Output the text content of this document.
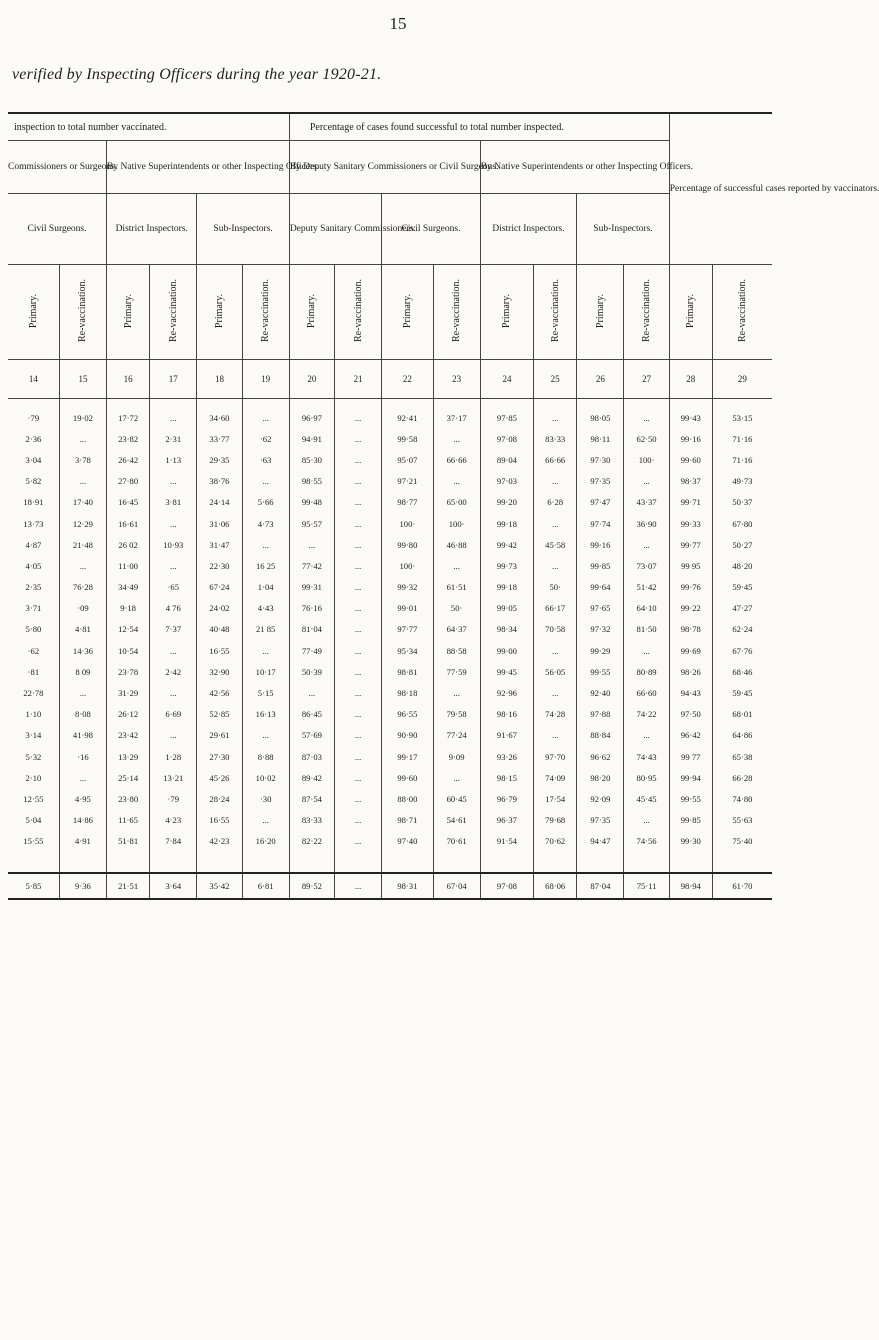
15
verified by Inspecting Officers during the year 1920-21.
inspection to total number vaccinated.						Percentage of cases found successful to total number inspected.								Percentage of successful cases reported by vaccinators.	
Commissioners or Surgeons.		By Native Superintendents or other Inspecting Officers.				By Deputy Sanitary Commissioners or Civil Surgeons.				By Native Superintendents or other Inspecting Officers.					
Civil Surgeons.		District Inspectors.		Sub-Inspectors.		Deputy Sanitary Commissioners.		Civil Surgeons.		District Inspectors.		Sub-Inspectors.			
Primary.	Re-vaccination.	Primary.	Re-vaccination.	Primary.	Re-vaccination.	Primary.	Re-vaccination.	Primary.	Re-vaccination.	Primary.	Re-vaccination.	Primary.	Re-vaccination.	Primary.	Re-vaccination.
14	15	16	17	18	19	20	21	22	23	24	25	26	27	28	29

·79	19·02	17·72	...	34·60	...	96·97	...	92·41	37·17	97·85	...	98·05	...	99·43	53·15
2·36	...	23·82	2·31	33·77	·62	94·91	...	99·58	...	97·08	83·33	98·11	62·50	99·16	71·16
3·04	3·78	26·42	1·13	29·35	·63	85·30	...	95·07	66·66	89·04	66·66	97·30	100·	99·60	71·16
5·82	...	27·80	...	38·76	...	98·55	...	97·21	...	97·03	...	97·35	...	98·37	49·73
18·91	17·40	16·45	3·81	24·14	5·66	99·48	...	98·77	65·00	99·20	6·28	97·47	43·37	99·71	50·37
13·73	12·29	16·61	...	31·06	4·73	95·57	...	100·	100·	99·18	...	97·74	36·90	99·33	67·80
4·87	21·48	26 02	10·93	31·47	...	...	...	99·80	46·88	99·42	45·58	99·16	...	99·77	50·27
4·05	...	11·00	...	22·30	16 25	77·42	...	100·	...	99·73	...	99·85	73·07	99 95	48·20
2·35	76·28	34·49	·65	67·24	1·04	99·31	...	99·32	61·51	99·18	50·	99·64	51·42	99·76	59·45
3·71	·09	9·18	4 76	24·02	4·43	76·16	...	99·01	50·	99·05	66·17	97·65	64·10	99·22	47·27
5·80	4·81	12·54	7·37	40·48	21 85	81·04	...	97·77	64·37	98·34	70·58	97·32	81·50	98·78	62·24
·62	14·36	10·54	...	16·55	...	77·49	...	95·34	88·58	99·00	...	99·29	...	99·69	67·76
·81	8 09	23·78	2·42	32·90	10·17	50·39	...	98·81	77·59	99·45	56·05	99·55	80·89	98·26	68·46
22·78	...	31·29	...	42·56	5·15	...	...	98·18	...	92·96	...	92·40	66·60	94·43	59·45
1·10	8·08	26·12	6·69	52·85	16·13	86·45	...	96·55	79·58	98·16	74·28	97·88	74·22	97·50	68·01
3·14	41·98	23·42	...	29·61	...	57·69	...	90·90	77·24	91·67	...	88·84	...	96·42	64·86
5·32	·16	13·29	1·28	27·30	8·88	87·03	...	99·17	9·09	93·26	97·70	96·62	74·43	99 77	65·38
2·10	...	25·14	13·21	45·26	10·02	89·42	...	99·60	...	98·15	74·09	98·20	80·95	99·94	66·28
12·55	4·95	23·80	·79	28·24	·30	87·54	...	88·00	60·45	96·79	17·54	92·09	45·45	99·55	74·80
5·04	14·86	11·65	4·23	16·55	...	83·33	...	98·71	54·61	96·37	79·68	97·35	...	99·85	55·63
15·55	4·91	51·81	7·84	42·23	16·20	82·22	...	97·40	70·61	91·54	70·62	94·47	74·56	99·30	75·40

5·85	9·36	21·51	3·64	35·42	6·81	89·52	...	98·31	67·04	97·08	68·06	87·04	75·11	98·94	61·70
